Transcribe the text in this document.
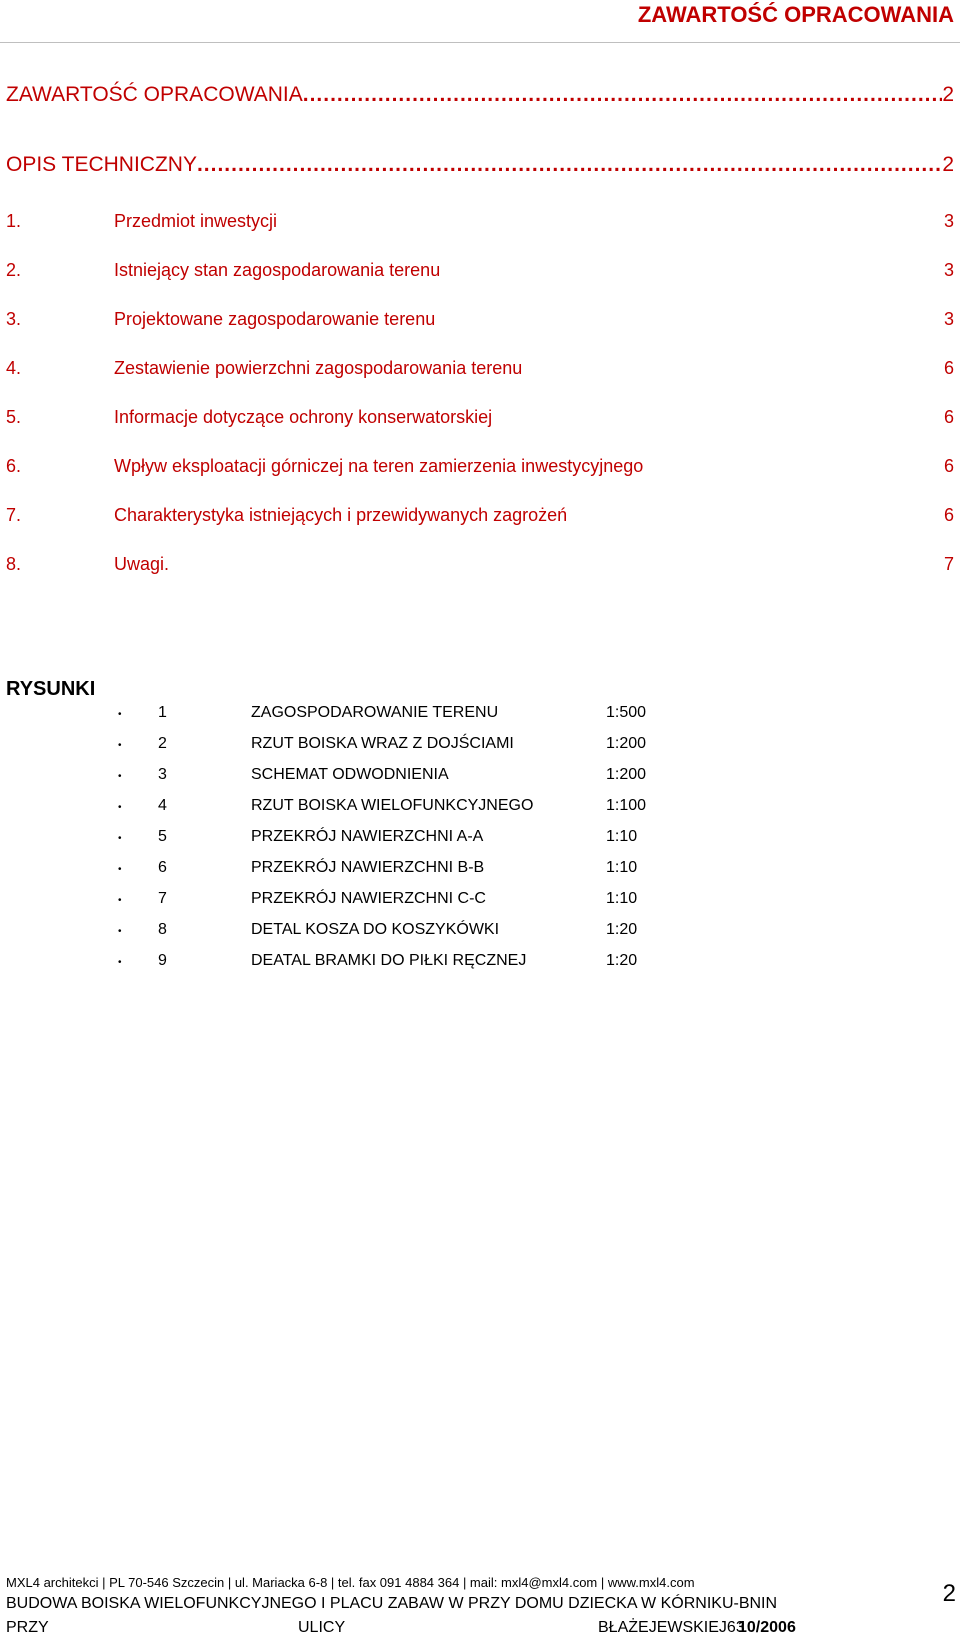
ZAWARTOŚĆ OPRACOWANIA
ZAWARTOŚĆ OPRACOWANIA .....	2
OPIS TECHNICZNY .....	2
1.	Przedmiot inwestycji	3
2.	Istniejący stan zagospodarowania terenu	3
3.	Projektowane zagospodarowanie terenu	3
4.	Zestawienie powierzchni zagospodarowania terenu	6
5.	Informacje dotyczące ochrony konserwatorskiej	6
6.	Wpływ eksploatacji górniczej na teren zamierzenia inwestycyjnego	6
7.	Charakterystyka istniejących i przewidywanych zagrożeń	6
8.	Uwagi.	7
RYSUNKI
•	1	ZAGOSPODAROWANIE TERENU	1:500
•	2	RZUT BOISKA WRAZ Z DOJŚCIAMI	1:200
•	3	SCHEMAT ODWODNIENIA	1:200
•	4	RZUT BOISKA WIELOFUNKCYJNEGO	1:100
•	5	PRZEKRÓJ NAWIERZCHNI A-A	1:10
•	6	PRZEKRÓJ NAWIERZCHNI B-B	1:10
•	7	PRZEKRÓJ NAWIERZCHNI C-C	1:10
•	8	DETAL KOSZA DO KOSZYKÓWKI	1:20
•	9	DEATAL BRAMKI DO PIŁKI RĘCZNEJ	1:20
MXL4 architekci | PL 70-546 Szczecin | ul. Mariacka 6-8 | tel. fax 091 4884 364 | mail: mxl4@mxl4.com | www.mxl4.com
BUDOWA BOISKA WIELOFUNKCYJNEGO I PLACU ZABAW W PRZY DOMU DZIECKA W KÓRNIKU-BNIN
PRZY	ULICY	BŁAŻEJEWSKIEJ63
10/2006
2
